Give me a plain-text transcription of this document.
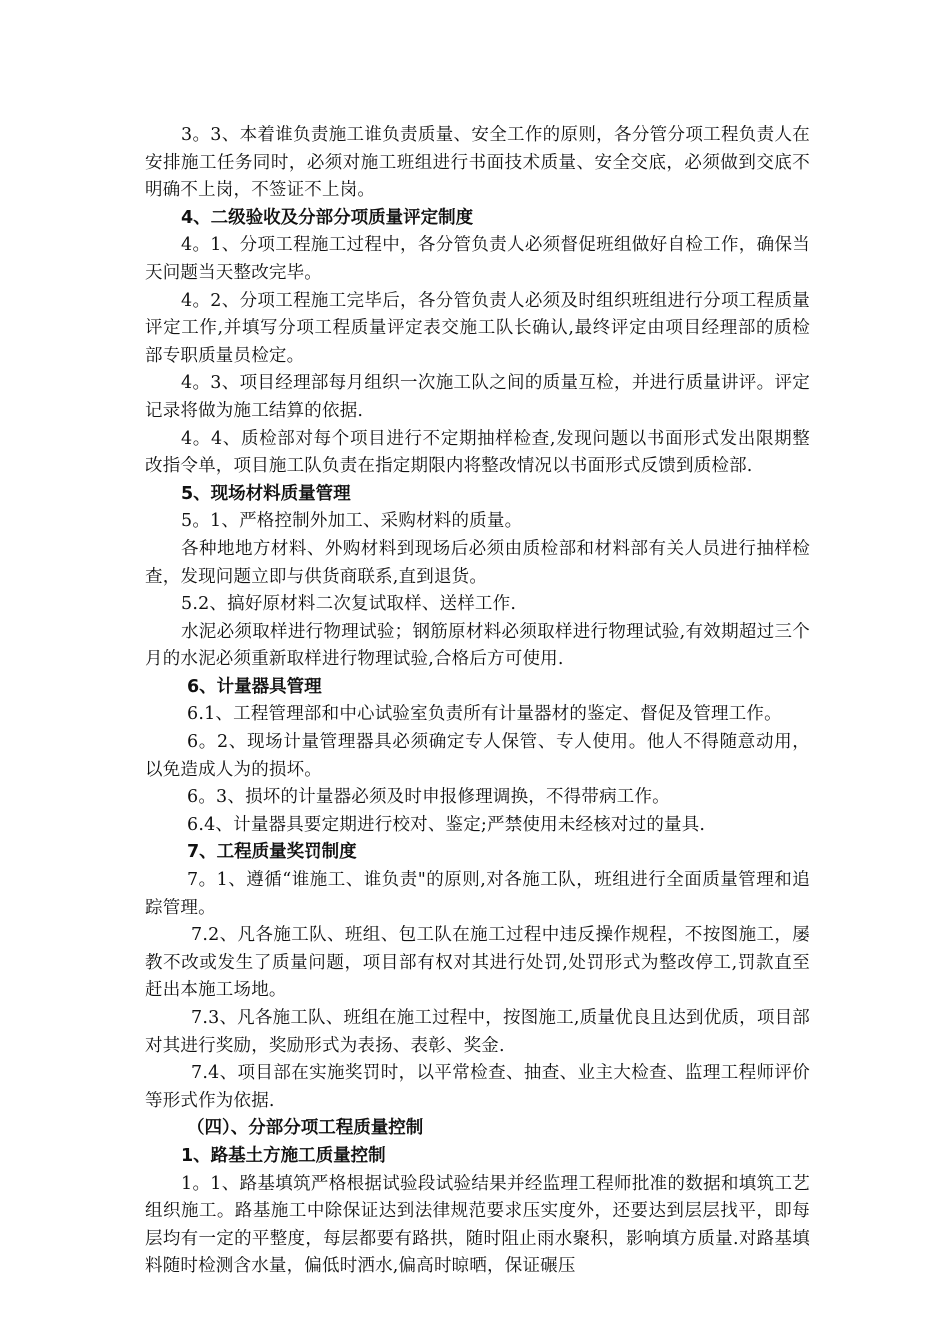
3。3、本着谁负责施工谁负责质量、安全工作的原则，各分管分项工程负责人在安排施工任务同时，必须对施工班组进行书面技术质量、安全交底，必须做到交底不明确不上岗，不签证不上岗。

4、二级验收及分部分项质量评定制度

4。1、分项工程施工过程中，各分管负责人必须督促班组做好自检工作，确保当天问题当天整改完毕。

4。2、分项工程施工完毕后，各分管负责人必须及时组织班组进行分项工程质量评定工作,并填写分项工程质量评定表交施工队长确认,最终评定由项目经理部的质检部专职质量员检定。

4。3、项目经理部每月组织一次施工队之间的质量互检，并进行质量讲评。评定记录将做为施工结算的依据.

4。4、质检部对每个项目进行不定期抽样检查,发现问题以书面形式发出限期整改指令单，项目施工队负责在指定期限内将整改情况以书面形式反馈到质检部.

5、现场材料质量管理

5。1、严格控制外加工、采购材料的质量。

各种地地方材料、外购材料到现场后必须由质检部和材料部有关人员进行抽样检查，发现问题立即与供货商联系,直到退货。

5.2、搞好原材料二次复试取样、送样工作.

水泥必须取样进行物理试验；钢筋原材料必须取样进行物理试验,有效期超过三个月的水泥必须重新取样进行物理试验,合格后方可使用.

6、计量器具管理

6.1、工程管理部和中心试验室负责所有计量器材的鉴定、督促及管理工作。

6。2、现场计量管理器具必须确定专人保管、专人使用。他人不得随意动用，以免造成人为的损坏。

6。3、损坏的计量器必须及时申报修理调换，不得带病工作。

6.4、计量器具要定期进行校对、鉴定;严禁使用未经核对过的量具.

7、工程质量奖罚制度

7。1、遵循“谁施工、谁负责"的原则,对各施工队，班组进行全面质量管理和追踪管理。

7.2、凡各施工队、班组、包工队在施工过程中违反操作规程，不按图施工，屡教不改或发生了质量问题，项目部有权对其进行处罚,处罚形式为整改停工,罚款直至赶出本施工场地。

7.3、凡各施工队、班组在施工过程中，按图施工,质量优良且达到优质，项目部对其进行奖励，奖励形式为表扬、表彰、奖金.

7.4、项目部在实施奖罚时，以平常检查、抽查、业主大检查、监理工程师评价等形式作为依据.

（四）、分部分项工程质量控制
1、路基土方施工质量控制

1。1、路基填筑严格根据试验段试验结果并经监理工程师批准的数据和填筑工艺组织施工。路基施工中除保证达到法律规范要求压实度外，还要达到层层找平，即每层均有一定的平整度，每层都要有路拱，随时阻止雨水聚积，影响填方质量.对路基填料随时检测含水量，偏低时洒水,偏高时晾晒，保证碾压
